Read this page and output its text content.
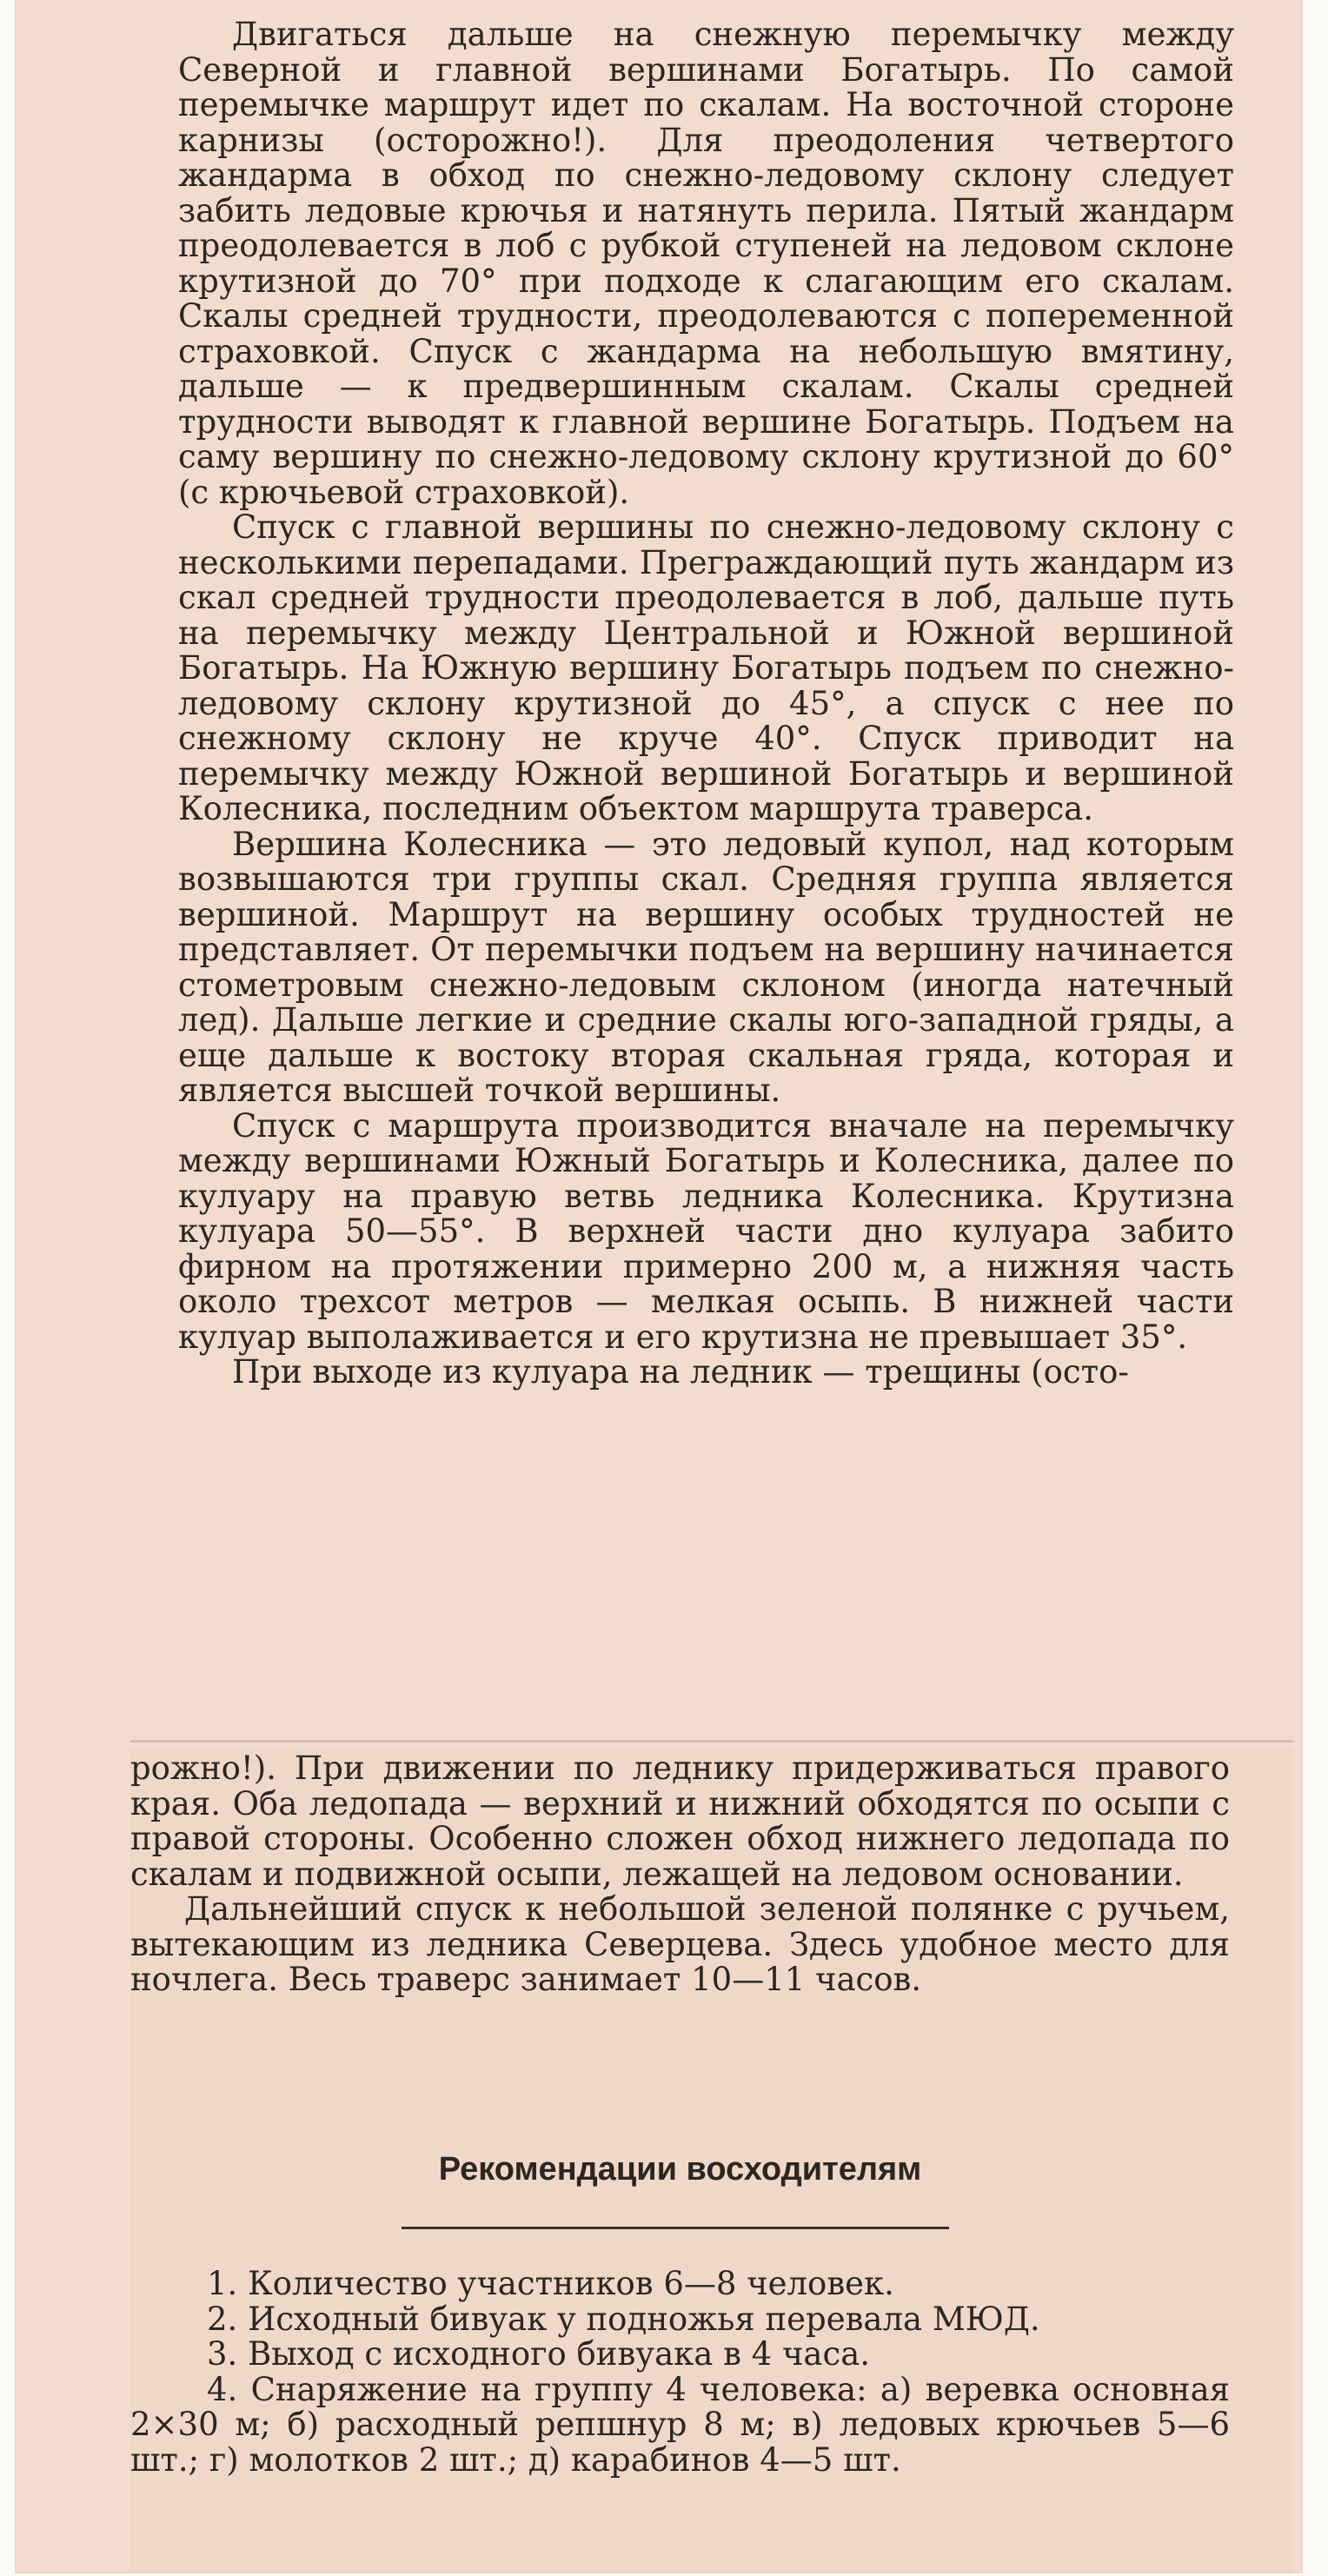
Двигаться дальше на снежную перемычку между Северной и главной вершинами Богатырь. По самой перемычке маршрут идет по скалам. На восточной стороне карнизы (осторожно!). Для преодоления четвертого жандарма в обход по снежно-ледовому склону следует забить ледовые крючья и натянуть перила. Пятый жандарм преодолевается в лоб с рубкой ступеней на ледовом склоне крутизной до 70° при подходе к слагающим его скалам. Скалы средней трудности, преодолеваются с попеременной страховкой. Спуск с жандарма на небольшую вмятину, дальше — к предвершинным скалам. Скалы средней трудности выводят к главной вершине Богатырь. Подъем на саму вершину по снежно-ледовому склону крутизной до 60° (с крючьевой страховкой).

Спуск с главной вершины по снежно-ледовому склону с несколькими перепадами. Преграждающий путь жандарм из скал средней трудности преодолевается в лоб, дальше путь на перемычку между Центральной и Южной вершиной Богатырь. На Южную вершину Богатырь подъем по снежно-ледовому склону крутизной до 45°, а спуск с нее по снежному склону не круче 40°. Спуск приводит на перемычку между Южной вершиной Богатырь и вершиной Колесника, последним объектом маршрута траверса.

Вершина Колесника — это ледовый купол, над которым возвышаются три группы скал. Средняя группа является вершиной. Маршрут на вершину особых трудностей не представляет. От перемычки подъем на вершину начинается стометровым снежно-ледовым склоном (иногда натечный лед). Дальше легкие и средние скалы юго-западной гряды, а еще дальше к востоку вторая скальная гряда, которая и является высшей точкой вершины.

Спуск с маршрута производится вначале на перемычку между вершинами Южный Богатырь и Колесника, далее по кулуару на правую ветвь ледника Колесника. Крутизна кулуара 50—55°. В верхней части дно кулуара забито фирном на протяжении примерно 200 м, а нижняя часть около трехсот метров — мелкая осыпь. В нижней части кулуар выполаживается и его крутизна не превышает 35°.

При выходе из кулуара на ледник — трещины (осто-

рожно!). При движении по леднику придерживаться правого края. Оба ледопада — верхний и нижний обходятся по осыпи с правой стороны. Особенно сложен обход нижнего ледопада по скалам и подвижной осыпи, лежащей на ледовом основании.

Дальнейший спуск к небольшой зеленой полянке с ручьем, вытекающим из ледника Северцева. Здесь удобное место для ночлега. Весь траверс занимает 10—11 часов.

Рекомендации восходителям

1. Количество участников 6—8 человек.

2. Исходный бивуак у подножья перевала МЮД.

3. Выход с исходного бивуака в 4 часа.

4. Снаряжение на группу 4 человека: а) веревка основная 2×30 м; б) расходный репшнур 8 м; в) ледовых крючьев 5—6 шт.; г) молотков 2 шт.; д) карабинов 4—5 шт.
